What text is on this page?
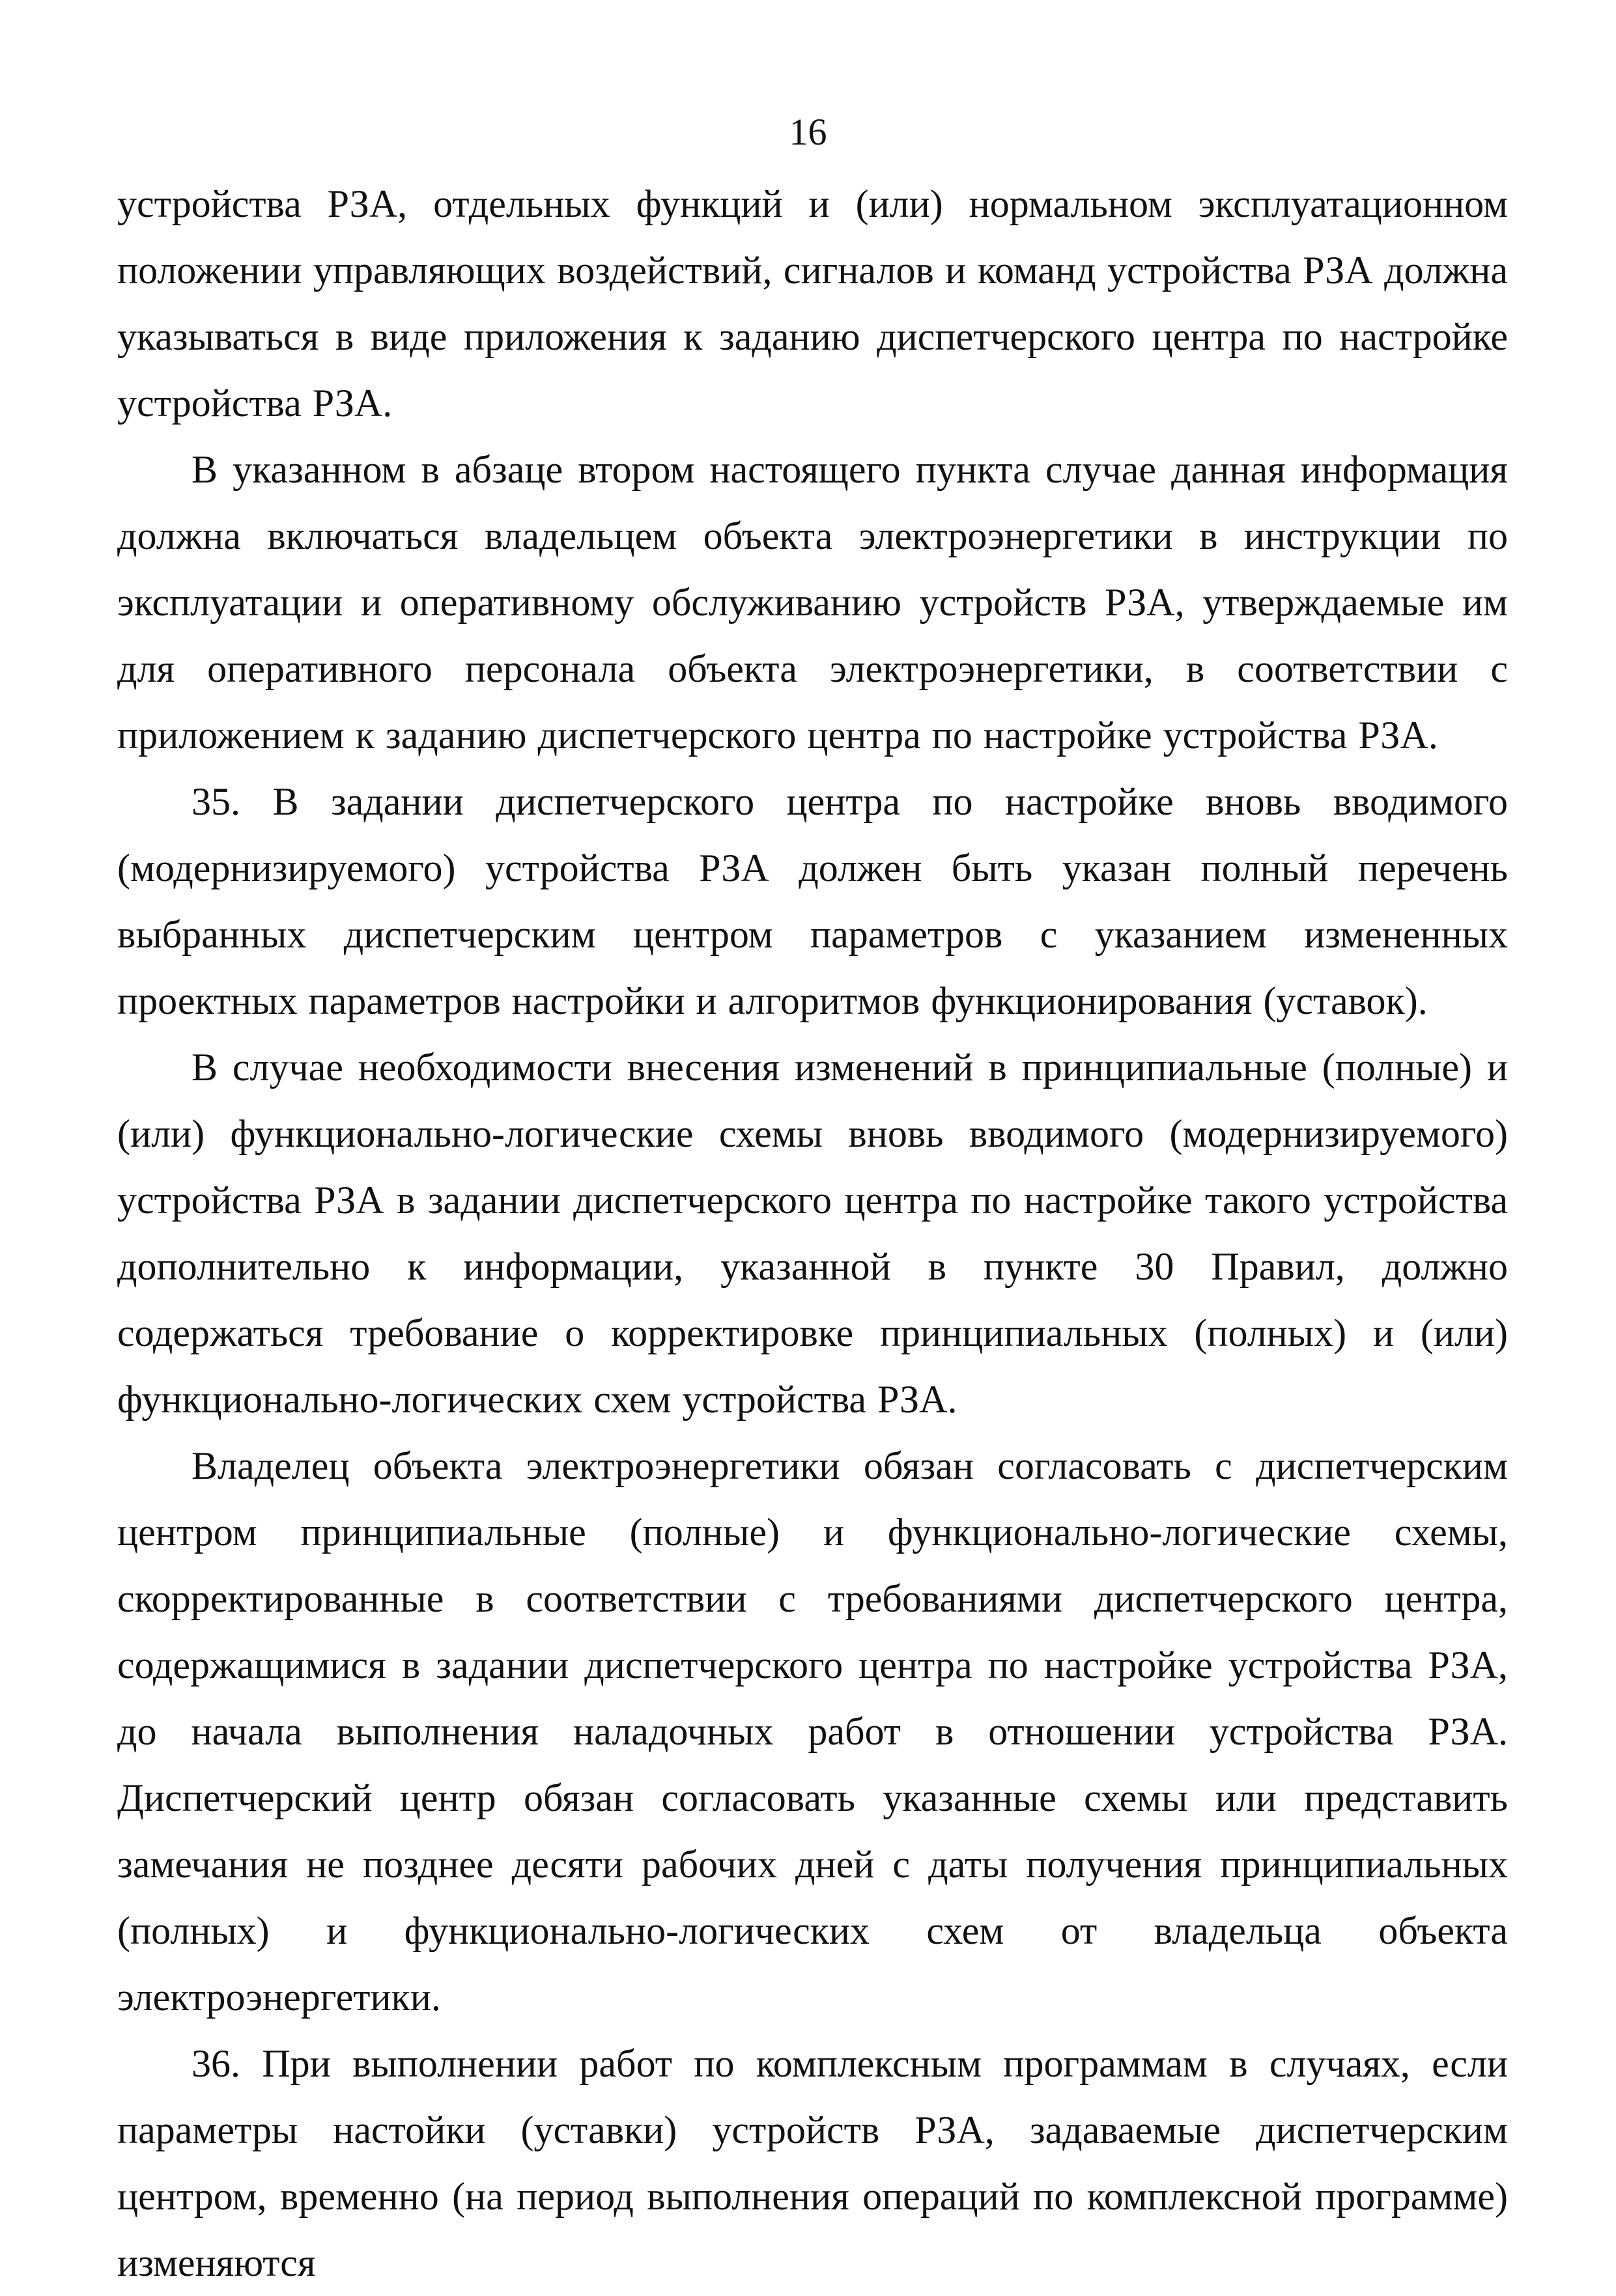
16

устройства РЗА, отдельных функций и (или) нормальном эксплуатационном положении управляющих воздействий, сигналов и команд устройства РЗА должна указываться в виде приложения к заданию диспетчерского центра по настройке устройства РЗА.

В указанном в абзаце втором настоящего пункта случае данная информация должна включаться владельцем объекта электроэнергетики в инструкции по эксплуатации и оперативному обслуживанию устройств РЗА, утверждаемые им для оперативного персонала объекта электроэнергетики, в соответствии с приложением к заданию диспетчерского центра по настройке устройства РЗА.

35. В задании диспетчерского центра по настройке вновь вводимого (модернизируемого) устройства РЗА должен быть указан полный перечень выбранных диспетчерским центром параметров с указанием измененных проектных параметров настройки и алгоритмов функционирования (уставок).

В случае необходимости внесения изменений в принципиальные (полные) и (или) функционально-логические схемы вновь вводимого (модернизируемого) устройства РЗА в задании диспетчерского центра по настройке такого устройства дополнительно к информации, указанной в пункте 30 Правил, должно содержаться требование о корректировке принципиальных (полных) и (или) функционально-логических схем устройства РЗА.

Владелец объекта электроэнергетики обязан согласовать с диспетчерским центром принципиальные (полные) и функционально-логические схемы, скорректированные в соответствии с требованиями диспетчерского центра, содержащимися в задании диспетчерского центра по настройке устройства РЗА, до начала выполнения наладочных работ в отношении устройства РЗА. Диспетчерский центр обязан согласовать указанные схемы или представить замечания не позднее десяти рабочих дней с даты получения принципиальных (полных) и функционально-логических схем от владельца объекта электроэнергетики.

36. При выполнении работ по комплексным программам в случаях, если параметры настойки (уставки) устройств РЗА, задаваемые диспетчерским центром, временно (на период выполнения операций по комплексной программе) изменяются
